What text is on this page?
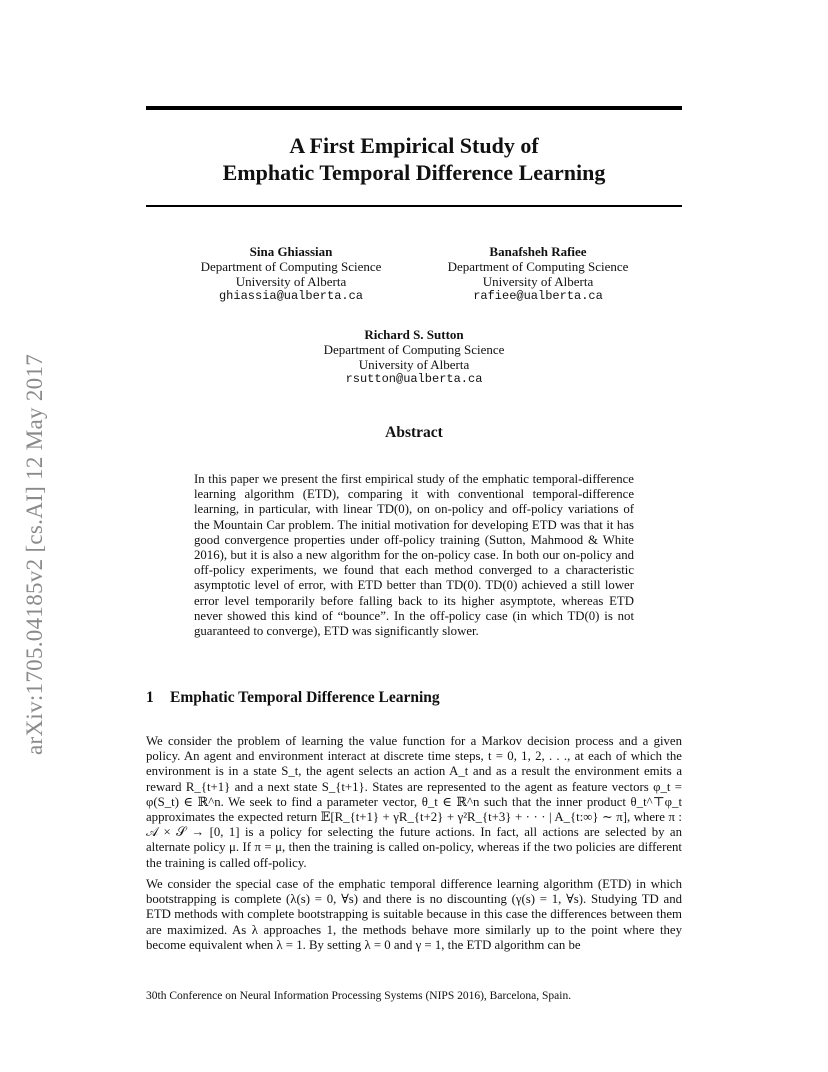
A First Empirical Study of
Emphatic Temporal Difference Learning
arXiv:1705.04185v2 [cs.AI] 12 May 2017
Sina Ghiassian
Department of Computing Science
University of Alberta
ghiassia@ualberta.ca
Banafsheh Rafiee
Department of Computing Science
University of Alberta
rafiee@ualberta.ca
Richard S. Sutton
Department of Computing Science
University of Alberta
rsutton@ualberta.ca
Abstract

In this paper we present the first empirical study of the emphatic temporal-difference learning algorithm (ETD), comparing it with conventional temporal-difference learning, in particular, with linear TD(0), on on-policy and off-policy variations of the Mountain Car problem. The initial motivation for developing ETD was that it has good convergence properties under off-policy training (Sutton, Mahmood & White 2016), but it is also a new algorithm for the on-policy case. In both our on-policy and off-policy experiments, we found that each method converged to a characteristic asymptotic level of error, with ETD better than TD(0). TD(0) achieved a still lower error level temporarily before falling back to its higher asymptote, whereas ETD never showed this kind of “bounce”. In the off-policy case (in which TD(0) is not guaranteed to converge), ETD was significantly slower.

1 Emphatic Temporal Difference Learning

We consider the problem of learning the value function for a Markov decision process and a given policy. An agent and environment interact at discrete time steps, t = 0, 1, 2, . . ., at each of which the environment is in a state S_t, the agent selects an action A_t and as a result the environment emits a reward R_{t+1} and a next state S_{t+1}. States are represented to the agent as feature vectors φ_t = φ(S_t) ∈ ℝ^n. We seek to find a parameter vector, θ_t ∈ ℝ^n such that the inner product θ_t^⊤φ_t approximates the expected return 𝔼[R_{t+1} + γR_{t+2} + γ²R_{t+3} + · · · | A_{t:∞} ∼ π], where π : 𝒜 × 𝒮 → [0, 1] is a policy for selecting the future actions. In fact, all actions are selected by an alternate policy μ. If π = μ, then the training is called on-policy, whereas if the two policies are different the training is called off-policy.

We consider the special case of the emphatic temporal difference learning algorithm (ETD) in which bootstrapping is complete (λ(s) = 0, ∀s) and there is no discounting (γ(s) = 1, ∀s). Studying TD and ETD methods with complete bootstrapping is suitable because in this case the differences between them are maximized. As λ approaches 1, the methods behave more similarly up to the point where they become equivalent when λ = 1. By setting λ = 0 and γ = 1, the ETD algorithm can be

30th Conference on Neural Information Processing Systems (NIPS 2016), Barcelona, Spain.
